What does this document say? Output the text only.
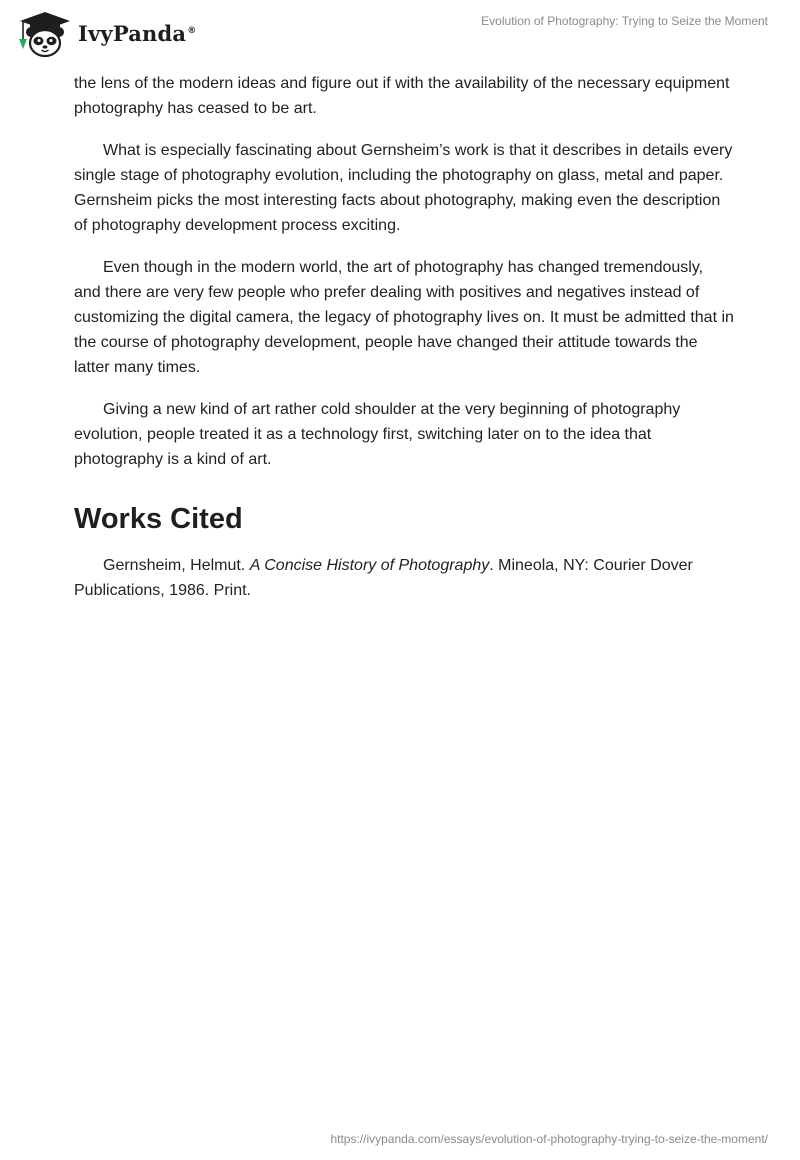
IvyPanda®
Evolution of Photography: Trying to Seize the Moment

the lens of the modern ideas and figure out if with the availability of the necessary equipment photography has ceased to be art.

What is especially fascinating about Gernsheim’s work is that it describes in details every single stage of photography evolution, including the photography on glass, metal and paper. Gernsheim picks the most interesting facts about photography, making even the description of photography development process exciting.

Even though in the modern world, the art of photography has changed tremendously, and there are very few people who prefer dealing with positives and negatives instead of customizing the digital camera, the legacy of photography lives on. It must be admitted that in the course of photography development, people have changed their attitude towards the latter many times.

Giving a new kind of art rather cold shoulder at the very beginning of photography evolution, people treated it as a technology first, switching later on to the idea that photography is a kind of art.

Works Cited

Gernsheim, Helmut. A Concise History of Photography. Mineola, NY: Courier Dover Publications, 1986. Print.

https://ivypanda.com/essays/evolution-of-photography-trying-to-seize-the-moment/
